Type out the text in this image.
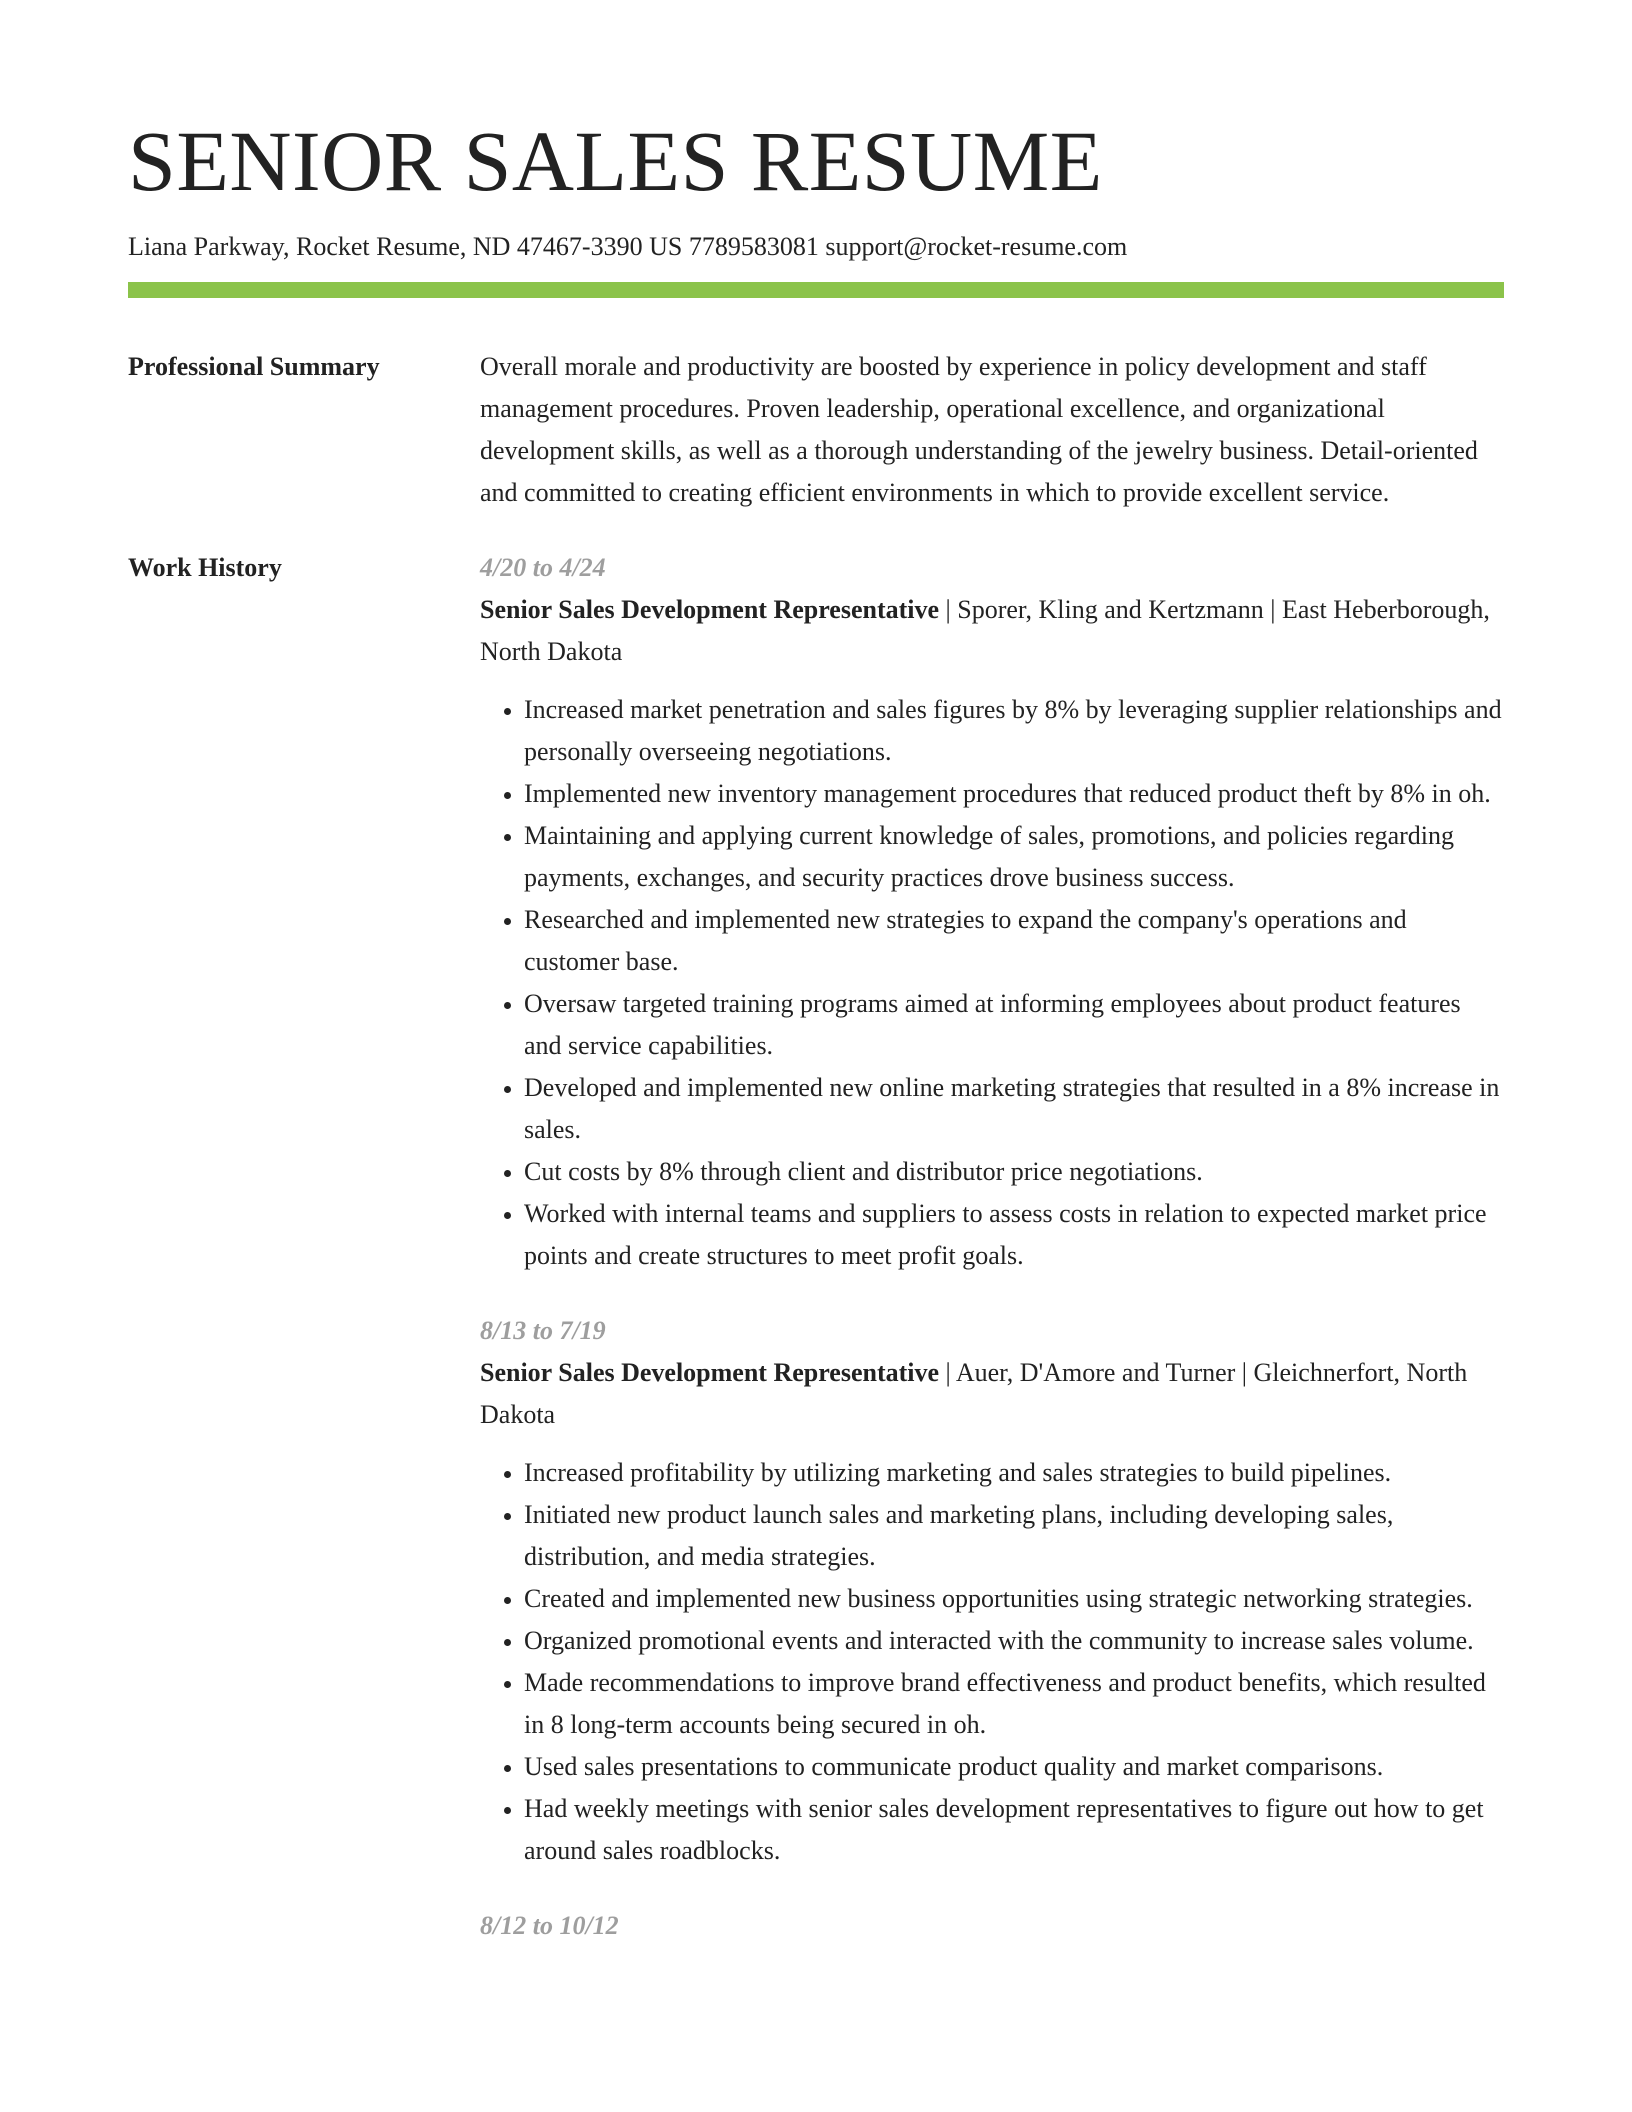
SENIOR SALES RESUME
Liana Parkway, Rocket Resume, ND 47467-3390 US 7789583081 support@rocket-resume.com
Professional Summary	Overall morale and productivity are boosted by experience in policy development and staff management procedures. Proven leadership, operational excellence, and organizational development skills, as well as a thorough understanding of the jewelry business. Detail-oriented and committed to creating efficient environments in which to provide excellent service.

Work History	4/20 to 4/24

Senior Sales Development Representative | Sporer, Kling and Kertzmann | East Heberborough, North Dakota

• Increased market penetration and sales figures by 8% by leveraging supplier relationships and personally overseeing negotiations.
• Implemented new inventory management procedures that reduced product theft by 8% in oh.
• Maintaining and applying current knowledge of sales, promotions, and policies regarding payments, exchanges, and security practices drove business success.
• Researched and implemented new strategies to expand the company's operations and customer base.
• Oversaw targeted training programs aimed at informing employees about product features and service capabilities.
• Developed and implemented new online marketing strategies that resulted in a 8% increase in sales.
• Cut costs by 8% through client and distributor price negotiations.
• Worked with internal teams and suppliers to assess costs in relation to expected market price points and create structures to meet profit goals.

8/13 to 7/19

Senior Sales Development Representative | Auer, D'Amore and Turner | Gleichnerfort, North Dakota

• Increased profitability by utilizing marketing and sales strategies to build pipelines.
• Initiated new product launch sales and marketing plans, including developing sales, distribution, and media strategies.
• Created and implemented new business opportunities using strategic networking strategies.
• Organized promotional events and interacted with the community to increase sales volume.
• Made recommendations to improve brand effectiveness and product benefits, which resulted in 8 long-term accounts being secured in oh.
• Used sales presentations to communicate product quality and market comparisons.
• Had weekly meetings with senior sales development representatives to figure out how to get around sales roadblocks.

8/12 to 10/12
